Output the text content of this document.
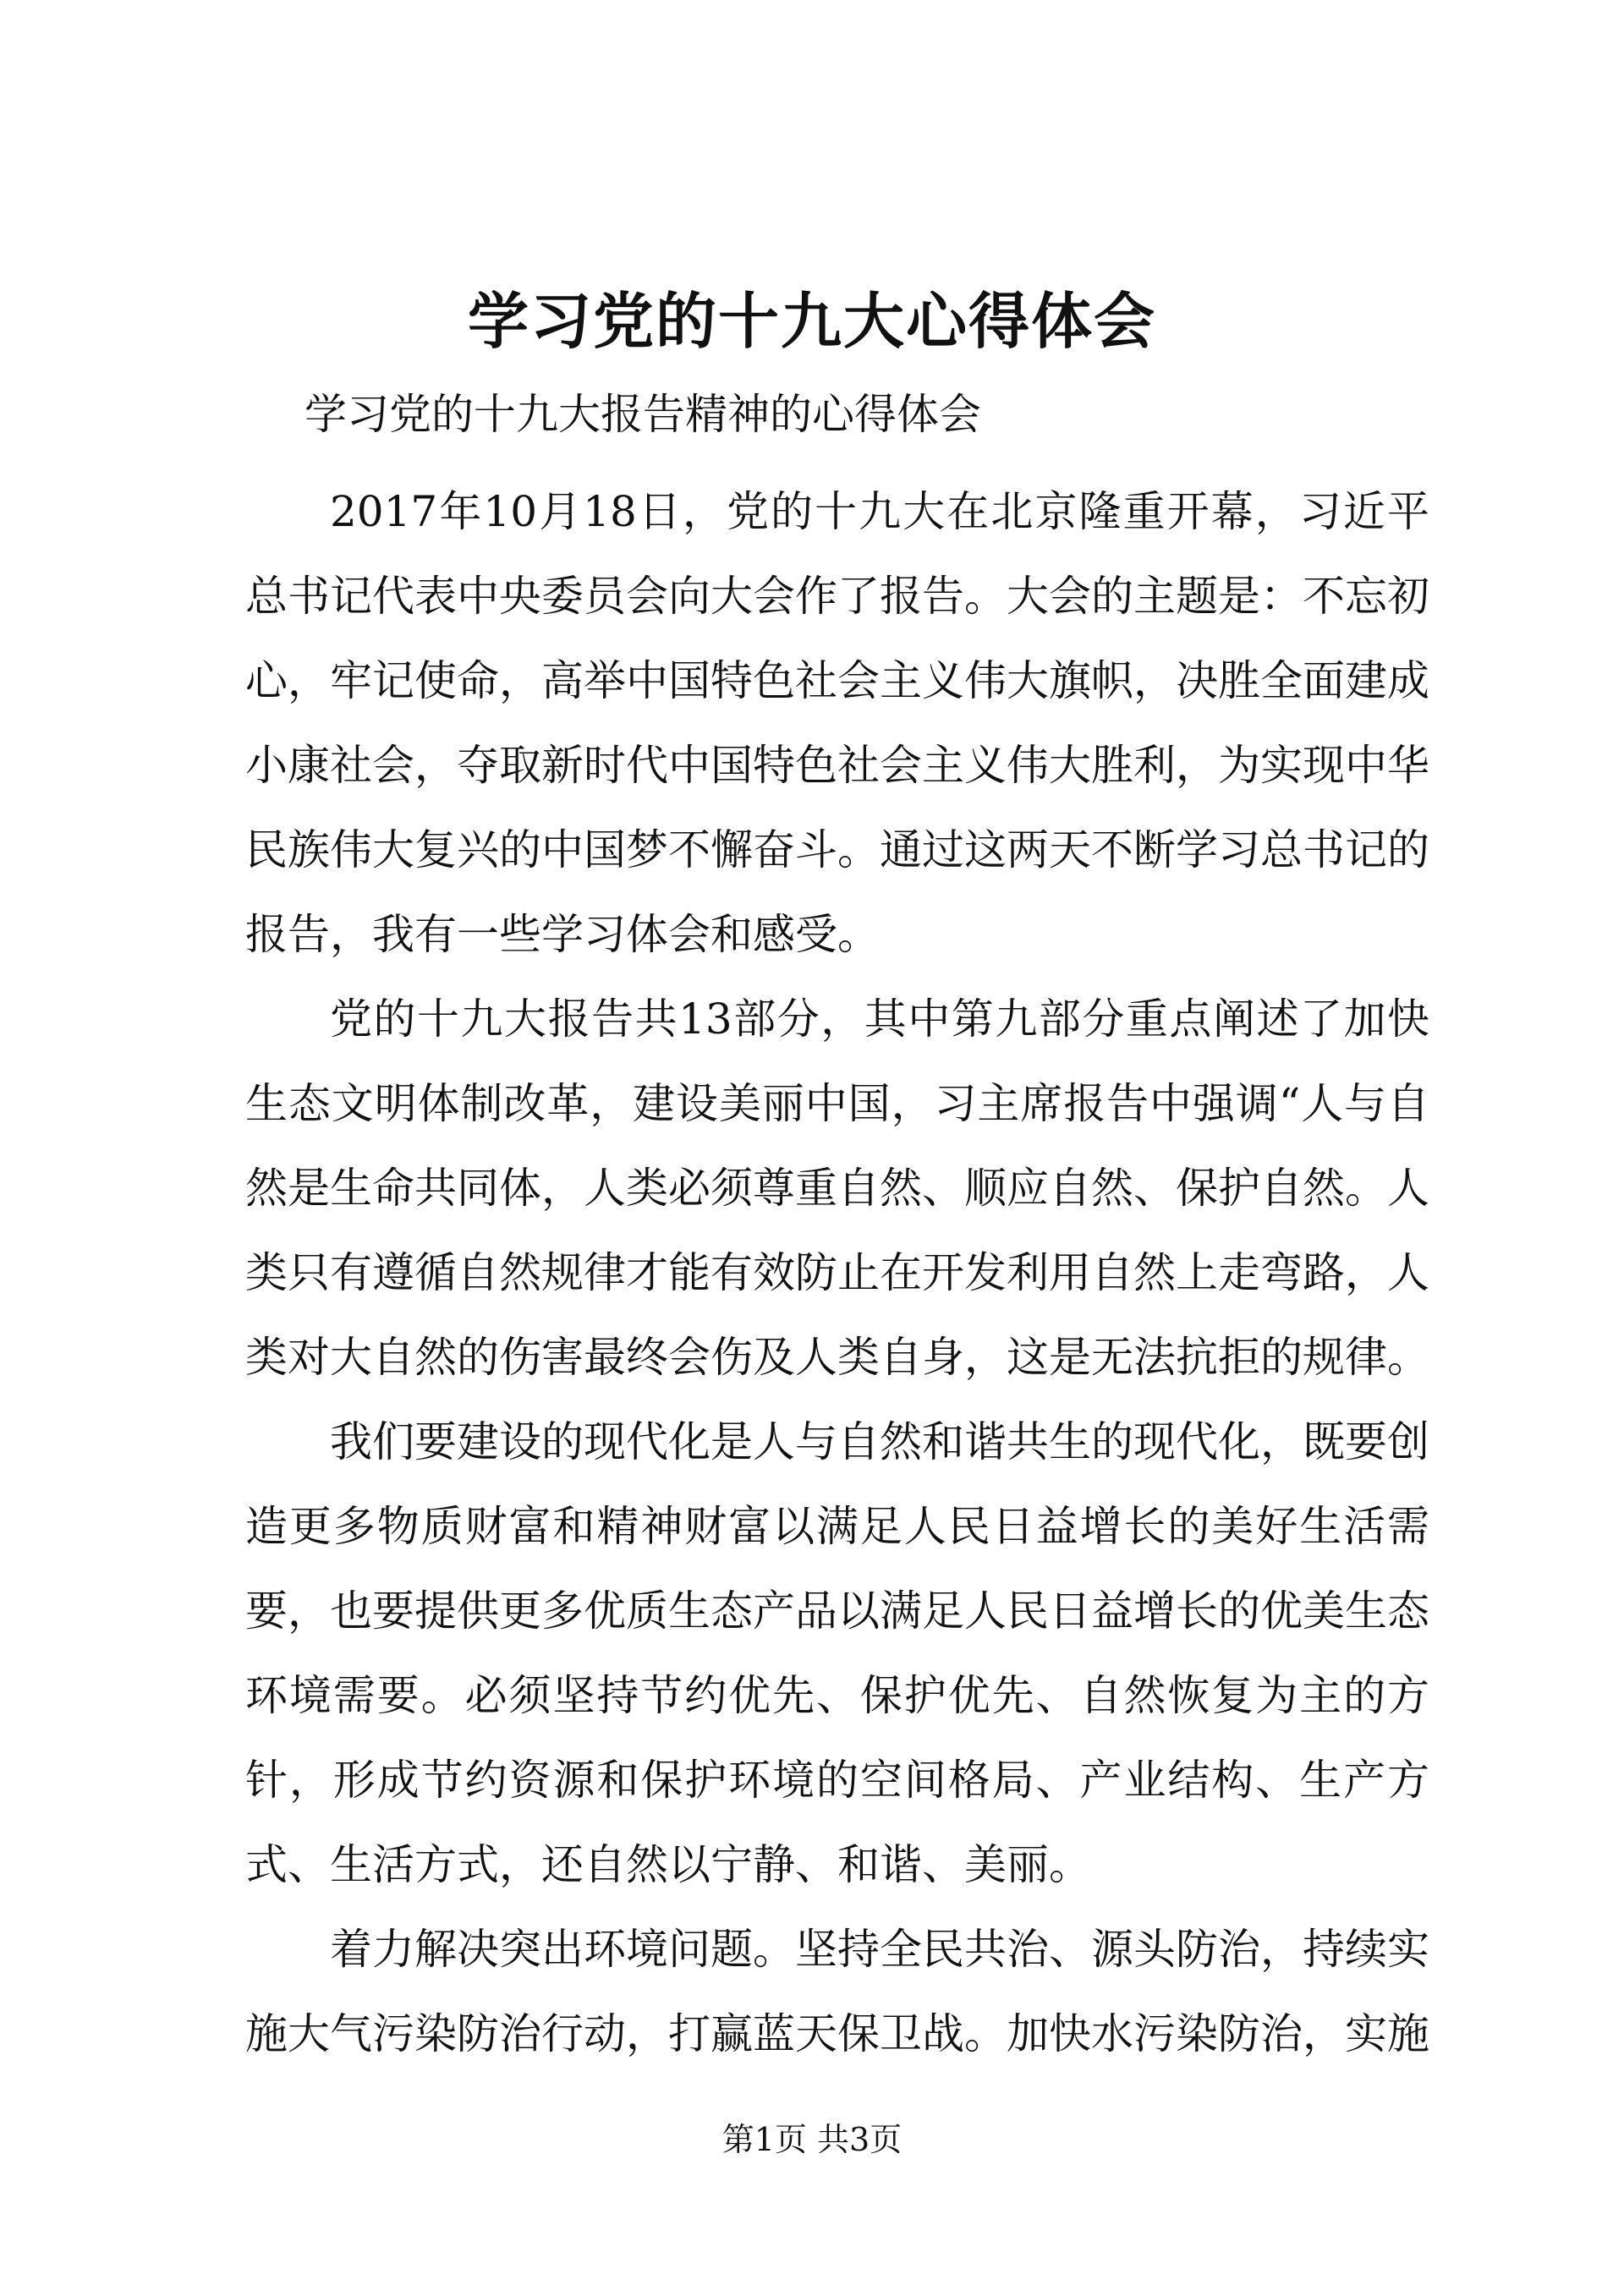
学习党的十九大心得体会
学习党的十九大报告精神的心得体会

2017年10月18日，党的十九大在北京隆重开幕，习近平总书记代表中央委员会向大会作了报告。大会的主题是：不忘初心，牢记使命，高举中国特色社会主义伟大旗帜，决胜全面建成小康社会，夺取新时代中国特色社会主义伟大胜利，为实现中华民族伟大复兴的中国梦不懈奋斗。通过这两天不断学习总书记的报告，我有一些学习体会和感受。

党的十九大报告共13部分，其中第九部分重点阐述了加快生态文明体制改革，建设美丽中国，习主席报告中强调“人与自然是生命共同体，人类必须尊重自然、顺应自然、保护自然。人类只有遵循自然规律才能有效防止在开发利用自然上走弯路，人类对大自然的伤害最终会伤及人类自身，这是无法抗拒的规律。

我们要建设的现代化是人与自然和谐共生的现代化，既要创造更多物质财富和精神财富以满足人民日益增长的美好生活需要，也要提供更多优质生态产品以满足人民日益增长的优美生态环境需要。必须坚持节约优先、保护优先、自然恢复为主的方针，形成节约资源和保护环境的空间格局、产业结构、生产方式、生活方式，还自然以宁静、和谐、美丽。

着力解决突出环境问题。坚持全民共治、源头防治，持续实施大气污染防治行动，打赢蓝天保卫战。加快水污染防治，实施

第1页 共3页
